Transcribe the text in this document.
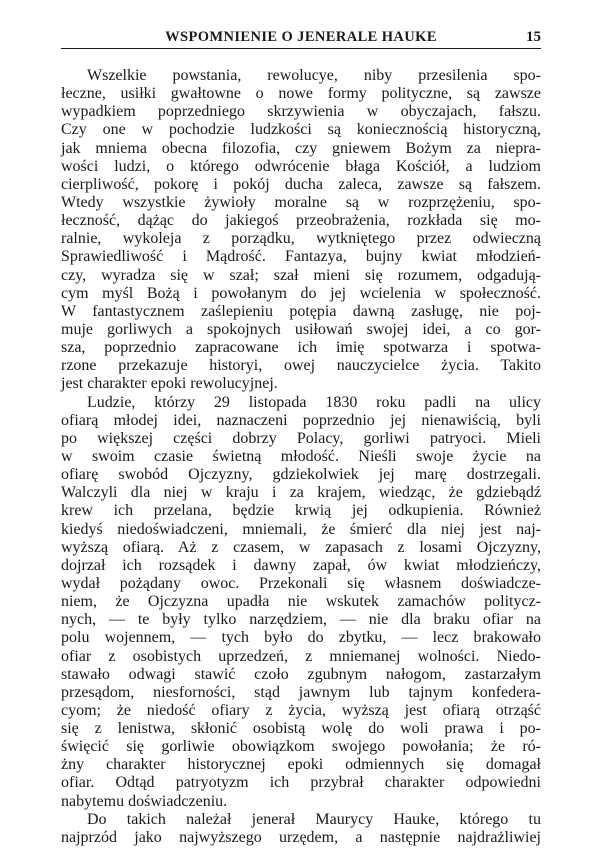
WSPOMNIENIE O JENERALE HAUKE	15
Wszelkie powstania, rewolucye, niby przesilenia spo-
łeczne, usiłki gwałtowne o nowe formy polityczne, są zawsze
wypadkiem poprzedniego skrzywienia w obyczajach, fałszu.
Czy one w pochodzie ludzkości są koniecznością historyczną,
jak mniema obecna filozofia, czy gniewem Bożym za niepra-
wości ludzi, o którego odwrócenie błaga Kościół, a ludziom
cierpliwość, pokorę i pokój ducha zaleca, zawsze są fałszem.
Wtedy wszystkie żywioły moralne są w rozprzężeniu, spo-
łeczność, dążąc do jakiegoś przeobrażenia, rozkłada się mo-
ralnie, wykoleja z porządku, wytkniętego przez odwieczną
Sprawiedliwość i Mądrość. Fantazya, bujny kwiat młodzień-
czy, wyradza się w szał; szał mieni się rozumem, odgadują-
cym myśl Bożą i powołanym do jej wcielenia w społeczność.
W fantastycznem zaślepieniu potępia dawną zasługę, nie poj-
muje gorliwych a spokojnych usiłowań swojej idei, a co gor-
sza, poprzednio zapracowane ich imię spotwarza i spotwa-
rzone przekazuje historyi, owej nauczycielce życia. Takito
jest charakter epoki rewolucyjnej.
Ludzie, którzy 29 listopada 1830 roku padli na ulicy
ofiarą młodej idei, naznaczeni poprzednio jej nienawiścią, byli
po większej części dobrzy Polacy, gorliwi patryoci. Mieli
w swoim czasie świetną młodość. Nieśli swoje życie na
ofiarę swobód Ojczyzny, gdziekolwiek jej marę dostrzegali.
Walczyli dla niej w kraju i za krajem, wiedząc, że gdziebądź
krew ich przelana, będzie krwią jej odkupienia. Również
kiedyś niedoświadczeni, mniemali, że śmierć dla niej jest naj-
wyższą ofiarą. Aż z czasem, w zapasach z losami Ojczyzny,
dojrzał ich rozsądek i dawny zapał, ów kwiat młodzieńczy,
wydał pożądany owoc. Przekonali się własnem doświadcze-
niem, że Ojczyzna upadła nie wskutek zamachów politycz-
nych, — te były tylko narzędziem, — nie dla braku ofiar na
polu wojennem, — tych było do zbytku, — lecz brakowało
ofiar z osobistych uprzedzeń, z mniemanej wolności. Niedo-
stawało odwagi stawić czoło zgubnym nałogom, zastarzałym
przesądom, niesforności, stąd jawnym lub tajnym konfedera-
cyom; że niedość ofiary z życia, wyższą jest ofiarą otrząść
się z lenistwa, skłonić osobistą wolę do woli prawa i po-
święcić się gorliwie obowiązkom swojego powołania; że ró-
żny charakter historycznej epoki odmiennych się domagał
ofiar. Odtąd patryotyzm ich przybrał charakter odpowiedni
nabytemu doświadczeniu.
Do takich należał jenerał Maurycy Hauke, którego tu
najprzód jako najwyższego urzędem, a następnie najdrażliwiej
